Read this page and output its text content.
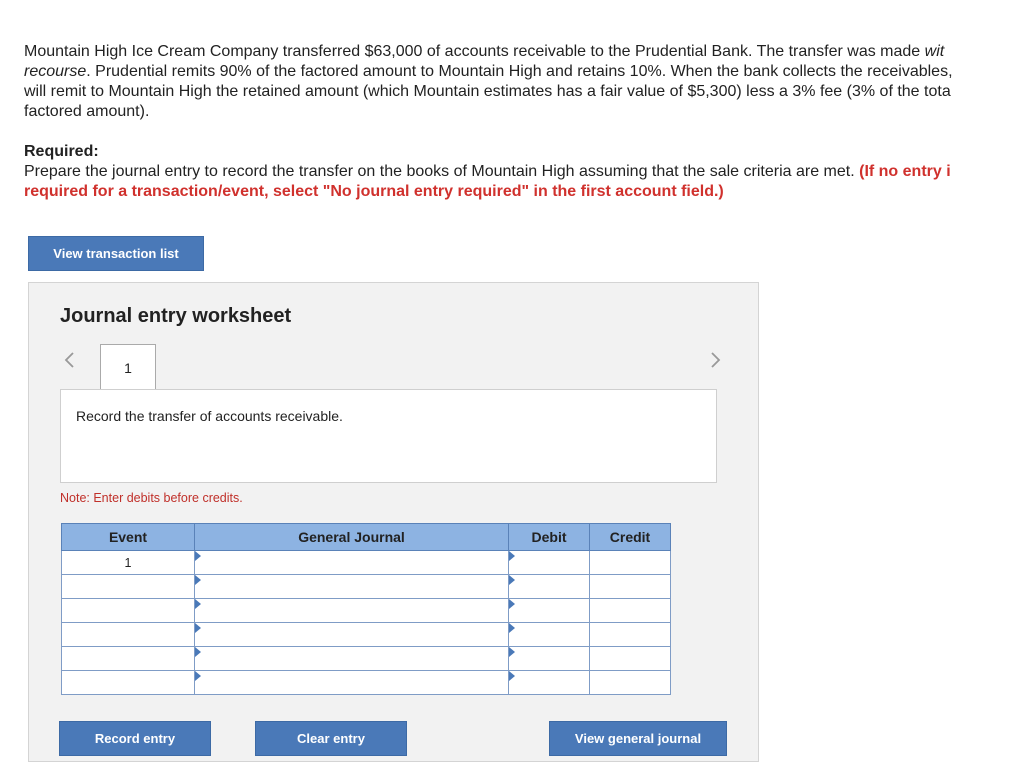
Mountain High Ice Cream Company transferred $63,000 of accounts receivable to the Prudential Bank. The transfer was made wit

recourse. Prudential remits 90% of the factored amount to Mountain High and retains 10%. When the bank collects the receivables,

will remit to Mountain High the retained amount (which Mountain estimates has a fair value of $5,300) less a 3% fee (3% of the tota

factored amount).

Required:
Prepare the journal entry to record the transfer on the books of Mountain High assuming that the sale criteria are met. (If no entry i
required for a transaction/event, select "No journal entry required" in the first account field.)
View transaction list
Journal entry worksheet
1
Record the transfer of accounts receivable.
Note: Enter debits before credits.
Event	General Journal	Debit	Credit
1	

Record entry	Clear entry	View general journal
